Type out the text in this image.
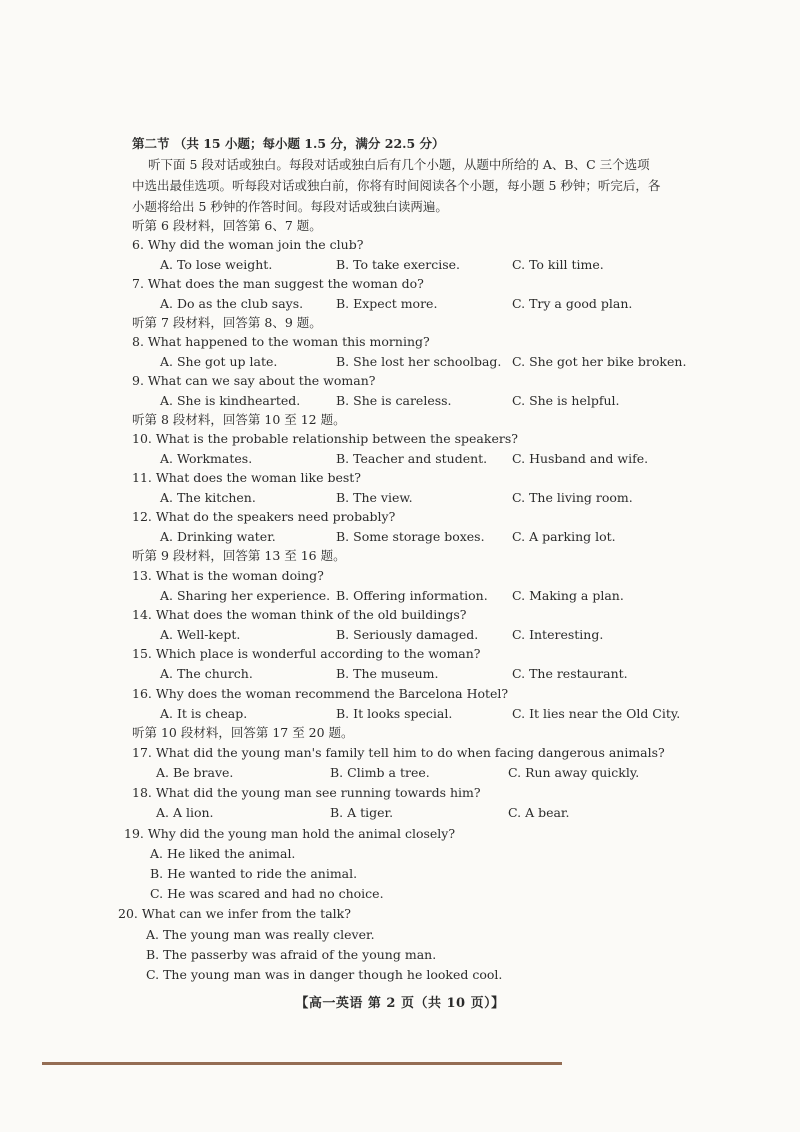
第二节 （共 15 小题；每小题 1.5 分，满分 22.5 分）
听下面 5 段对话或独白。每段对话或独白后有几个小题，从题中所给的 A、B、C 三个选项
中选出最佳选项。听每段对话或独白前，你将有时间阅读各个小题，每小题 5 秒钟；听完后，各
小题将给出 5 秒钟的作答时间。每段对话或独白读两遍。
听第 6 段材料，回答第 6、7 题。
6. Why did the woman join the club?
A. To lose weight.	B. To take exercise.	C. To kill time.
7. What does the man suggest the woman do?
A. Do as the club says.	B. Expect more.	C. Try a good plan.
听第 7 段材料，回答第 8、9 题。
8. What happened to the woman this morning?
A. She got up late.	B. She lost her schoolbag. C. She got her bike broken.
9. What can we say about the woman?
A. She is kindhearted.	B. She is careless.	C. She is helpful.
听第 8 段材料，回答第 10 至 12 题。
10. What is the probable relationship between the speakers?
A. Workmates.	B. Teacher and student. C. Husband and wife.
11. What does the woman like best?
A. The kitchen.	B. The view.	C. The living room.
12. What do the speakers need probably?
A. Drinking water.	B. Some storage boxes. C. A parking lot.
听第 9 段材料，回答第 13 至 16 题。
13. What is the woman doing?
A. Sharing her experience. B. Offering information. C. Making a plan.
14. What does the woman think of the old buildings?
A. Well-kept.	B. Seriously damaged.	C. Interesting.
15. Which place is wonderful according to the woman?
A. The church.	B. The museum.	C. The restaurant.
16. Why does the woman recommend the Barcelona Hotel?
A. It is cheap.	B. It looks special.	C. It lies near the Old City.
听第 10 段材料，回答第 17 至 20 题。
17. What did the young man's family tell him to do when facing dangerous animals?
A. Be brave.	B. Climb a tree.	C. Run away quickly.
18. What did the young man see running towards him?
A. A lion.	B. A tiger.	C. A bear.
19. Why did the young man hold the animal closely?
A. He liked the animal.
B. He wanted to ride the animal.
C. He was scared and had no choice.
20. What can we infer from the talk?
A. The young man was really clever.
B. The passerby was afraid of the young man.
C. The young man was in danger though he looked cool.
【高一英语 第 2 页（共 10 页）】
